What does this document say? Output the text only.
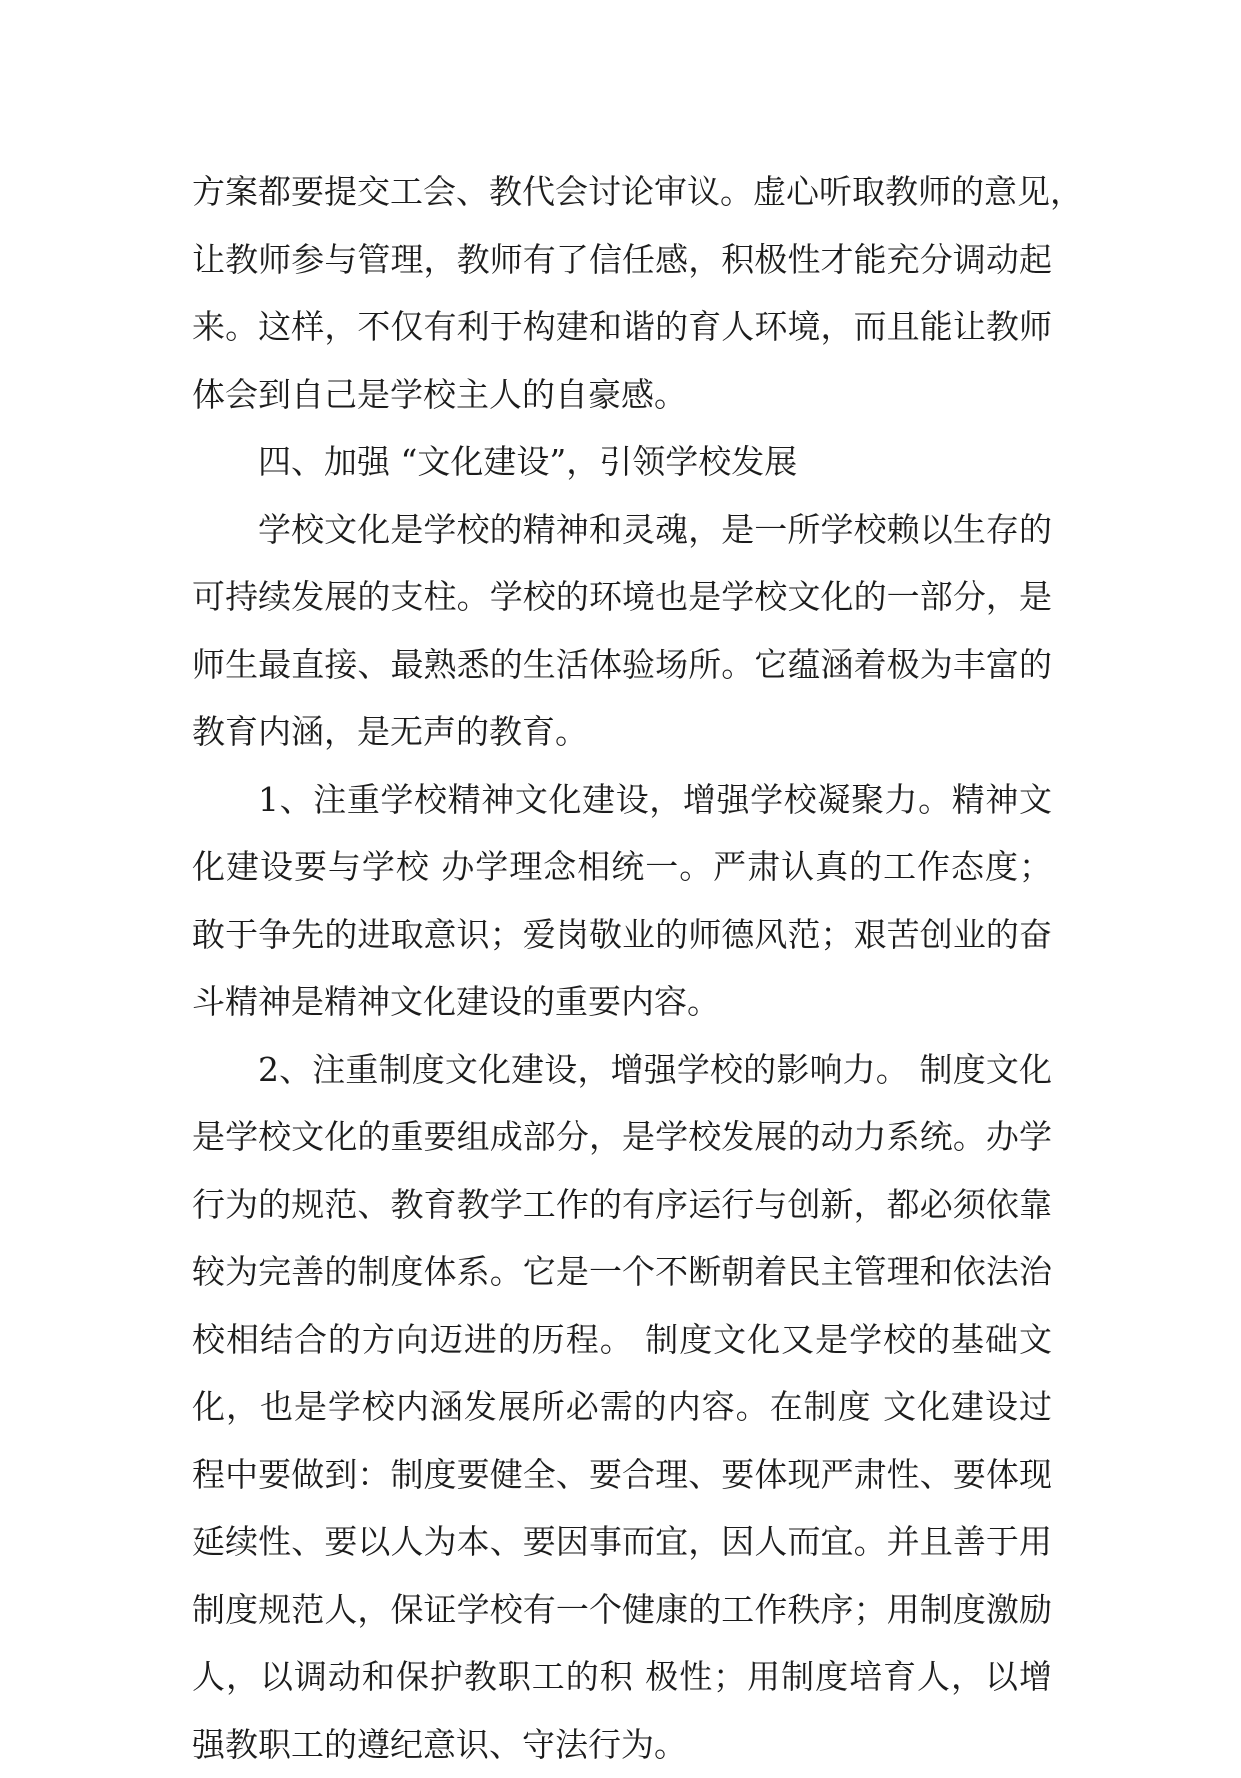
方案都要提交工会、教代会讨论审议。虚心听取教师的意见，
让教师参与管理，教师有了信任感，积极性才能充分调动起
来。这样，不仅有利于构建和谐的育人环境，而且能让教师
体会到自己是学校主人的自豪感。
四、加强 “文化建设”，引领学校发展
学校文化是学校的精神和灵魂，是一所学校赖以生存的
可持续发展的支柱。学校的环境也是学校文化的一部分，是
师生最直接、最熟悉的生活体验场所。它蕴涵着极为丰富的
教育内涵，是无声的教育。
1、注重学校精神文化建设，增强学校凝聚力。精神文
化建设要与学校 办学理念相统一。严肃认真的工作态度；
敢于争先的进取意识；爱岗敬业的师德风范；艰苦创业的奋
斗精神是精神文化建设的重要内容。
2、注重制度文化建设，增强学校的影响力。 制度文化
是学校文化的重要组成部分，是学校发展的动力系统。办学
行为的规范、教育教学工作的有序运行与创新，都必须依靠
较为完善的制度体系。它是一个不断朝着民主管理和依法治
校相结合的方向迈进的历程。 制度文化又是学校的基础文
化，也是学校内涵发展所必需的内容。在制度 文化建设过
程中要做到：制度要健全、要合理、要体现严肃性、要体现
延续性、要以人为本、要因事而宜，因人而宜。并且善于用
制度规范人，保证学校有一个健康的工作秩序；用制度激励
人，以调动和保护教职工的积 极性；用制度培育人，以增
强教职工的遵纪意识、守法行为。
